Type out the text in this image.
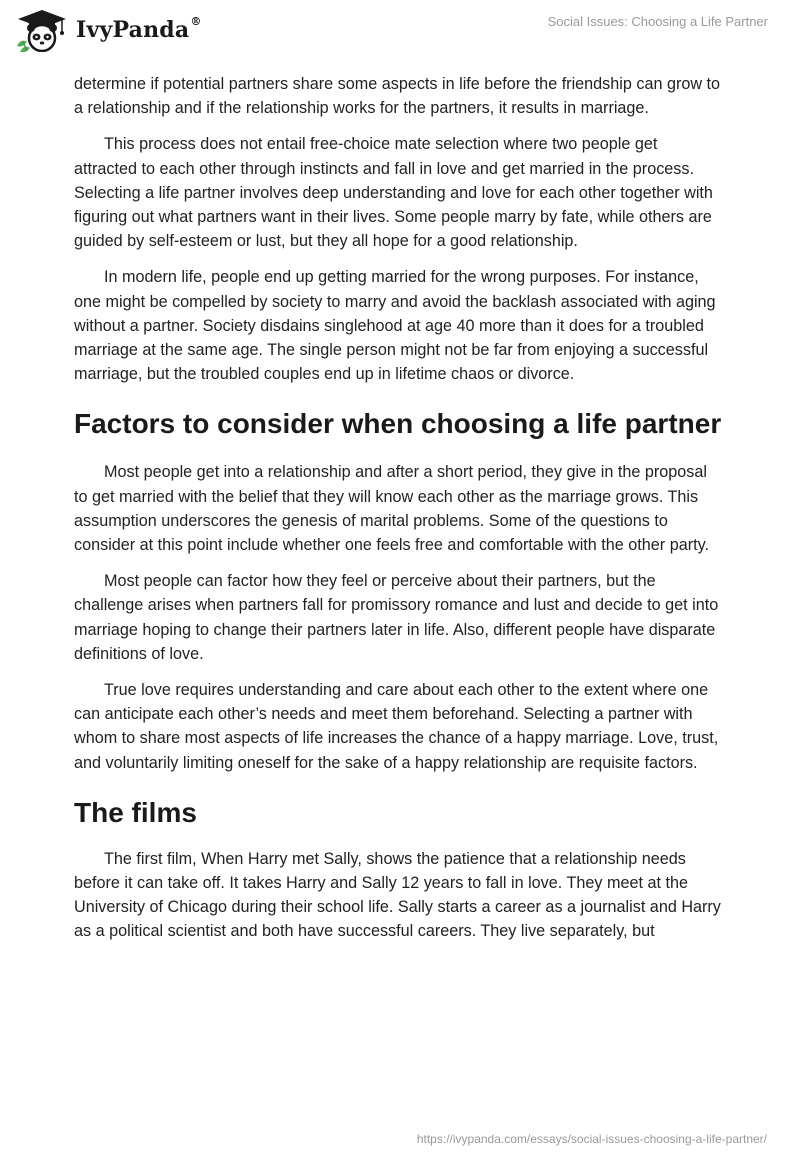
IvyPanda®	Social Issues: Choosing a Life Partner

determine if potential partners share some aspects in life before the friendship can grow to a relationship and if the relationship works for the partners, it results in marriage.

This process does not entail free-choice mate selection where two people get attracted to each other through instincts and fall in love and get married in the process. Selecting a life partner involves deep understanding and love for each other together with figuring out what partners want in their lives. Some people marry by fate, while others are guided by self-esteem or lust, but they all hope for a good relationship.

In modern life, people end up getting married for the wrong purposes. For instance, one might be compelled by society to marry and avoid the backlash associated with aging without a partner. Society disdains singlehood at age 40 more than it does for a troubled marriage at the same age. The single person might not be far from enjoying a successful marriage, but the troubled couples end up in lifetime chaos or divorce.

Factors to consider when choosing a life partner

Most people get into a relationship and after a short period, they give in the proposal to get married with the belief that they will know each other as the marriage grows. This assumption underscores the genesis of marital problems. Some of the questions to consider at this point include whether one feels free and comfortable with the other party.

Most people can factor how they feel or perceive about their partners, but the challenge arises when partners fall for promissory romance and lust and decide to get into marriage hoping to change their partners later in life. Also, different people have disparate definitions of love.

True love requires understanding and care about each other to the extent where one can anticipate each other’s needs and meet them beforehand. Selecting a partner with whom to share most aspects of life increases the chance of a happy marriage. Love, trust, and voluntarily limiting oneself for the sake of a happy relationship are requisite factors.

The films

The first film, When Harry met Sally, shows the patience that a relationship needs before it can take off. It takes Harry and Sally 12 years to fall in love. They meet at the University of Chicago during their school life. Sally starts a career as a journalist and Harry as a political scientist and both have successful careers. They live separately, but

https://ivypanda.com/essays/social-issues-choosing-a-life-partner/
